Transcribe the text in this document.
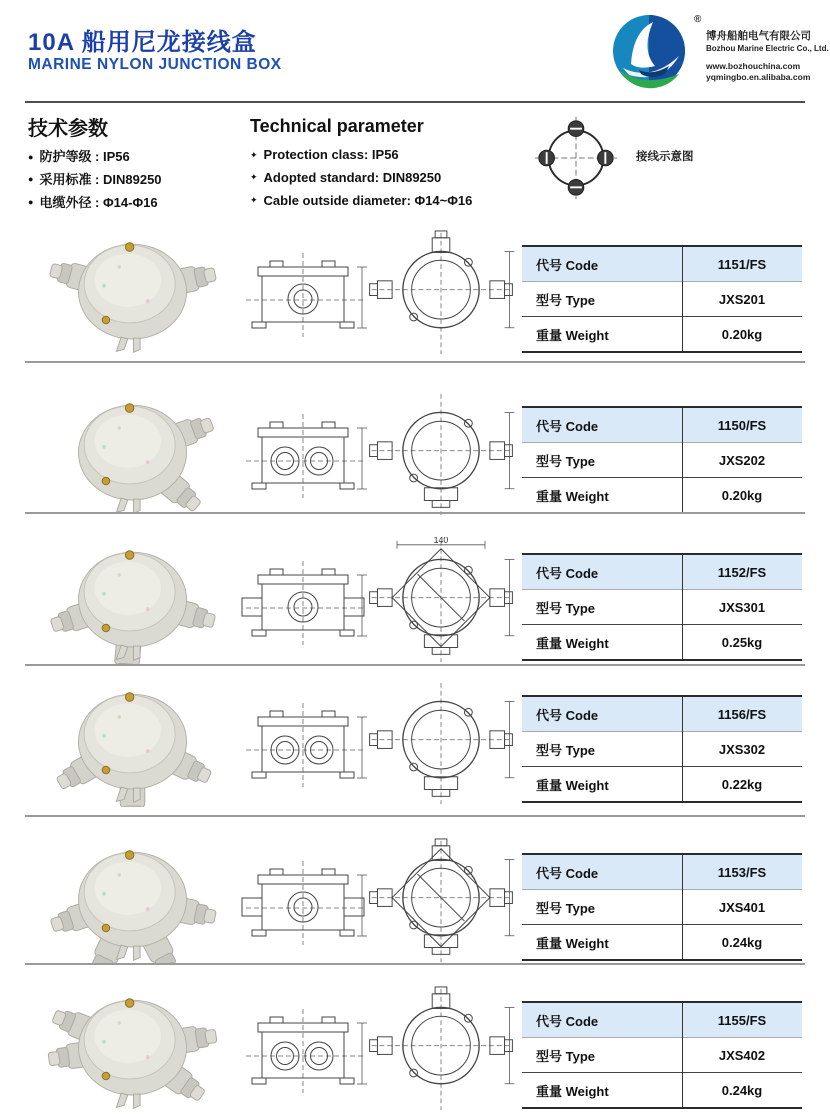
10A 船用尼龙接线盒
MARINE NYLON JUNCTION BOX
®
博舟船舶电气有限公司
Bozhou Marine Electric Co., Ltd.
www.bozhouchina.com
yqmingbo.en.alibaba.com
技术参数
● 防护等级 : IP56
● 采用标准 : DIN89250
● 电缆外径 : Φ14-Φ16
Technical parameter
✦ Protection class: IP56
✦ Adopted standard: DIN89250
✦ Cable outside diameter: Φ14~Φ16
接线示意图
代号 Code	1151/FS
型号 Type	JXS201
重量 Weight	0.20kg
代号 Code	1150/FS
型号 Type	JXS202
重量 Weight	0.20kg
140
代号 Code	1152/FS
型号 Type	JXS301
重量 Weight	0.25kg
代号 Code	1156/FS
型号 Type	JXS302
重量 Weight	0.22kg
代号 Code	1153/FS
型号 Type	JXS401
重量 Weight	0.24kg
代号 Code	1155/FS
型号 Type	JXS402
重量 Weight	0.24kg
